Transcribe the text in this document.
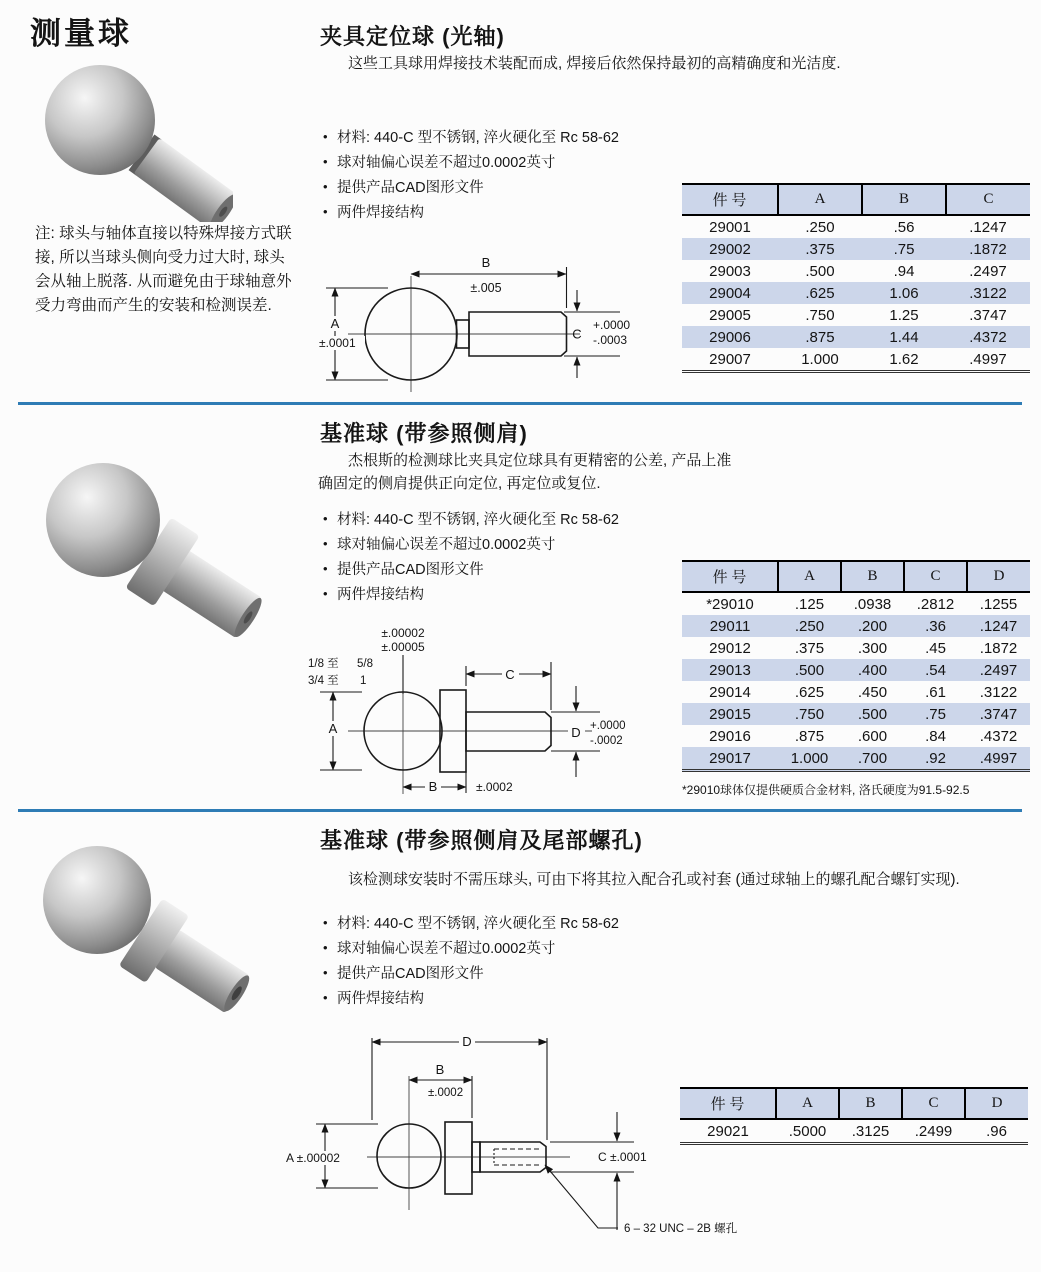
测量球
注: 球头与轴体直接以特殊焊接方式联接, 所以当球头侧向受力过大时, 球头会从轴上脱落. 从而避免由于球轴意外受力弯曲而产生的安装和检测误差.
夹具定位球 (光轴)
这些工具球用焊接技术装配而成, 焊接后依然保持最初的高精确度和光洁度.
• 材料: 440-C 型不锈钢, 淬火硬化至 Rc 58-62
• 球对轴偏心误差不超过0.0002英寸
• 提供产品CAD图形文件
• 两件焊接结构
B
±.005
A
±.0001
C
+.0000
-.0003
件 号	A	B	C
29001	.250	.56	.1247
29002	.375	.75	.1872
29003	.500	.94	.2497
29004	.625	1.06	.3122
29005	.750	1.25	.3747
29006	.875	1.44	.4372
29007	1.000	1.62	.4997
基准球 (带参照侧肩)
杰根斯的检测球比夹具定位球具有更精密的公差, 产品上准确固定的侧肩提供正向定位, 再定位或复位.
• 材料: 440-C 型不锈钢, 淬火硬化至 Rc 58-62
• 球对轴偏心误差不超过0.0002英寸
• 提供产品CAD图形文件
• 两件焊接结构
±.00002
±.00005
1/8 至 5/8
3/4 至 1
A
C
D +.0000
-.0002
B	±.0002
件 号	A	B	C	D
*29010	.125	.0938	.2812	.1255
29011	.250	.200	.36	.1247
29012	.375	.300	.45	.1872
29013	.500	.400	.54	.2497
29014	.625	.450	.61	.3122
29015	.750	.500	.75	.3747
29016	.875	.600	.84	.4372
29017	1.000	.700	.92	.4997
*29010球体仅提供硬质合金材料, 洛氏硬度为91.5-92.5
基准球 (带参照侧肩及尾部螺孔)
该检测球安装时不需压球头, 可由下将其拉入配合孔或衬套 (通过球轴上的螺孔配合螺钉实现).
• 材料: 440-C 型不锈钢, 淬火硬化至 Rc 58-62
• 球对轴偏心误差不超过0.0002英寸
• 提供产品CAD图形文件
• 两件焊接结构
D
B
±.0002
A ±.00002	C ±.0001
6 – 32 UNC – 2B 螺孔
件 号	A	B	C	D
29021	.5000	.3125	.2499	.96
